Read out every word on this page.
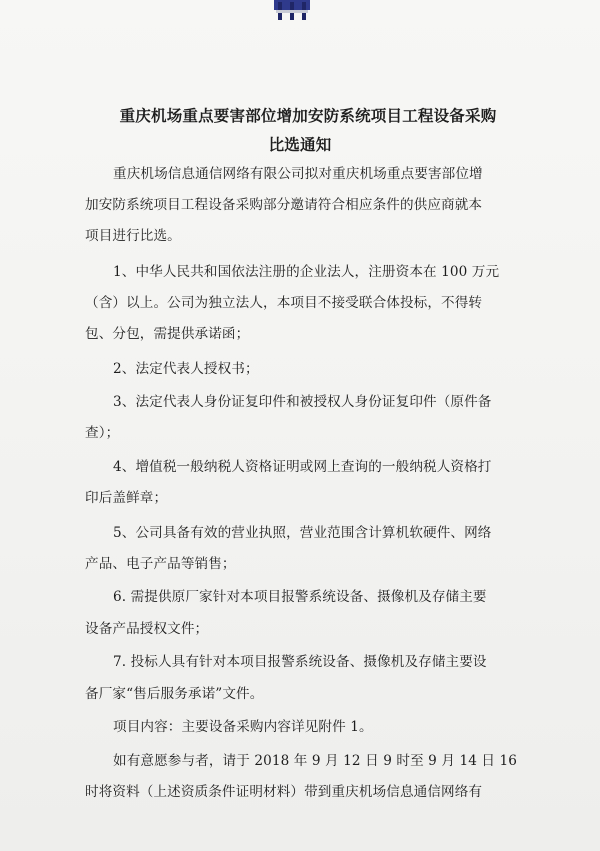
重庆机场重点要害部位增加安防系统项目工程设备采购
比选通知

重庆机场信息通信网络有限公司拟对重庆机场重点要害部位增

加安防系统项目工程设备采购部分邀请符合相应条件的供应商就本

项目进行比选。

1、中华人民共和国依法注册的企业法人，注册资本在 100 万元

（含）以上。公司为独立法人，本项目不接受联合体投标，不得转

包、分包，需提供承诺函；

2、法定代表人授权书；

3、法定代表人身份证复印件和被授权人身份证复印件（原件备

查）；

4、增值税一般纳税人资格证明或网上查询的一般纳税人资格打

印后盖鲜章；

5、公司具备有效的营业执照，营业范围含计算机软硬件、网络

产品、电子产品等销售；

6. 需提供原厂家针对本项目报警系统设备、摄像机及存储主要

设备产品授权文件；

7. 投标人具有针对本项目报警系统设备、摄像机及存储主要设

备厂家“售后服务承诺”文件。

项目内容：主要设备采购内容详见附件 1。

如有意愿参与者，请于 2018 年 9 月 12 日 9 时至 9 月 14 日 16

时将资料（上述资质条件证明材料）带到重庆机场信息通信网络有
